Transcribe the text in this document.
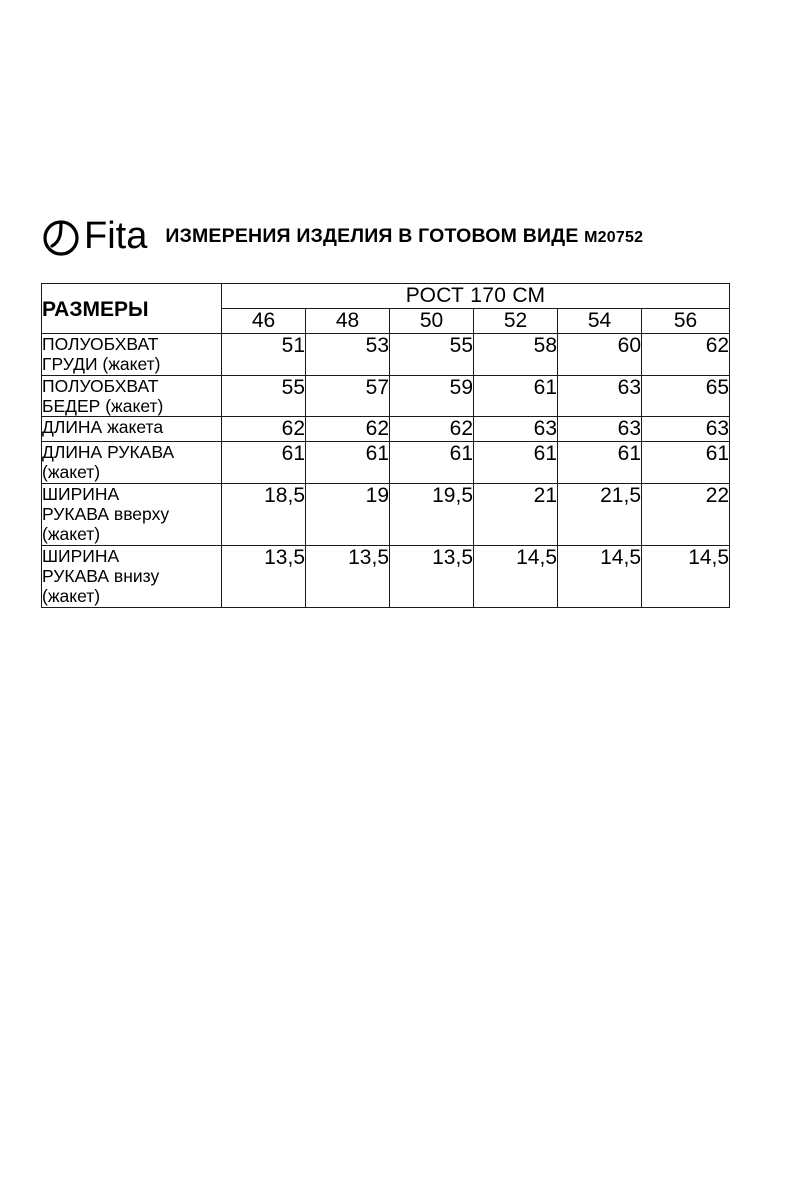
Fita ИЗМЕРЕНИЯ ИЗДЕЛИЯ В ГОТОВОМ ВИДЕ М20752
РАЗМЕРЫ	РОСТ 170 СМ					
	46	48	50	52	54	56

ПОЛУОБХВАТ
ГРУДИ (жакет)	51	53	55	58	60	62

ПОЛУОБХВАТ
БЕДЕР (жакет)	55	57	59	61	63	65

ДЛИНА жакета	62	62	62	63	63	63

ДЛИНА РУКАВА
(жакет)	61	61	61	61	61	61

ШИРИНА
РУКАВА вверху (жакет)	18,5	19	19,5	21	21,5	22

ШИРИНА
РУКАВА внизу (жакет)	13,5	13,5	13,5	14,5	14,5	14,5
